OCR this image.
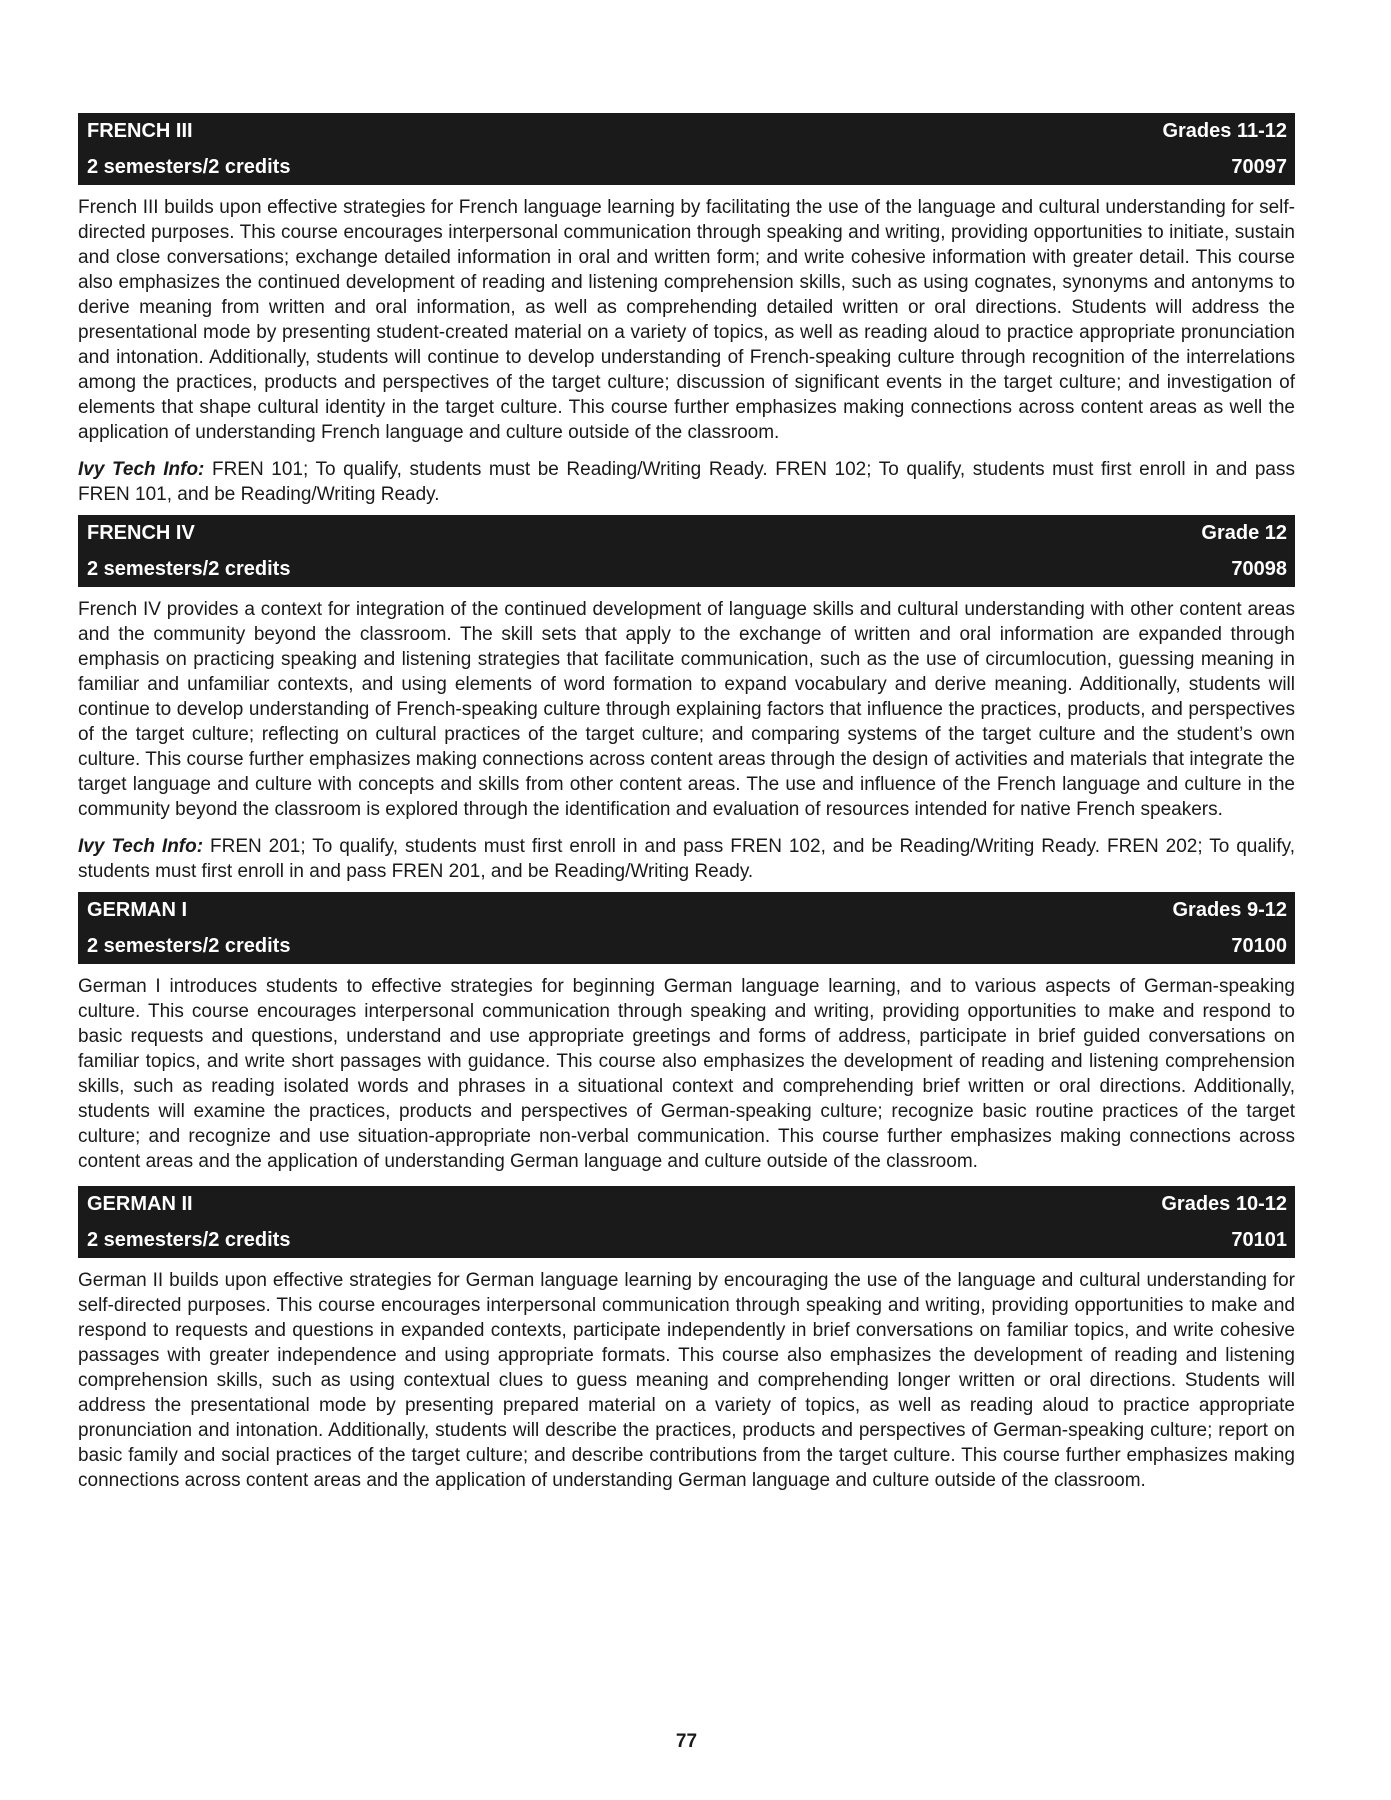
FRENCH III	Grades 11-12
2 semesters/2 credits	70097

French III builds upon effective strategies for French language learning by facilitating the use of the language and cultural understanding for self-directed purposes. This course encourages interpersonal communication through speaking and writing, providing opportunities to initiate, sustain and close conversations; exchange detailed information in oral and written form; and write cohesive information with greater detail. This course also emphasizes the continued development of reading and listening comprehension skills, such as using cognates, synonyms and antonyms to derive meaning from written and oral information, as well as comprehending detailed written or oral directions. Students will address the presentational mode by presenting student-created material on a variety of topics, as well as reading aloud to practice appropriate pronunciation and intonation. Additionally, students will continue to develop understanding of French-speaking culture through recognition of the interrelations among the practices, products and perspectives of the target culture; discussion of significant events in the target culture; and investigation of elements that shape cultural identity in the target culture. This course further emphasizes making connections across content areas as well the application of understanding French language and culture outside of the classroom.

Ivy Tech Info: FREN 101; To qualify, students must be Reading/Writing Ready. FREN 102; To qualify, students must first enroll in and pass FREN 101, and be Reading/Writing Ready.

FRENCH IV	Grade 12
2 semesters/2 credits	70098

French IV provides a context for integration of the continued development of language skills and cultural understanding with other content areas and the community beyond the classroom. The skill sets that apply to the exchange of written and oral information are expanded through emphasis on practicing speaking and listening strategies that facilitate communication, such as the use of circumlocution, guessing meaning in familiar and unfamiliar contexts, and using elements of word formation to expand vocabulary and derive meaning. Additionally, students will continue to develop understanding of French-speaking culture through explaining factors that influence the practices, products, and perspectives of the target culture; reflecting on cultural practices of the target culture; and comparing systems of the target culture and the student’s own culture. This course further emphasizes making connections across content areas through the design of activities and materials that integrate the target language and culture with concepts and skills from other content areas. The use and influence of the French language and culture in the community beyond the classroom is explored through the identification and evaluation of resources intended for native French speakers.

Ivy Tech Info: FREN 201; To qualify, students must first enroll in and pass FREN 102, and be Reading/Writing Ready. FREN 202; To qualify, students must first enroll in and pass FREN 201, and be Reading/Writing Ready.

GERMAN I	Grades 9-12
2 semesters/2 credits	70100

German I introduces students to effective strategies for beginning German language learning, and to various aspects of German-speaking culture. This course encourages interpersonal communication through speaking and writing, providing opportunities to make and respond to basic requests and questions, understand and use appropriate greetings and forms of address, participate in brief guided conversations on familiar topics, and write short passages with guidance. This course also emphasizes the development of reading and listening comprehension skills, such as reading isolated words and phrases in a situational context and comprehending brief written or oral directions. Additionally, students will examine the practices, products and perspectives of German-speaking culture; recognize basic routine practices of the target culture; and recognize and use situation-appropriate non-verbal communication. This course further emphasizes making connections across content areas and the application of understanding German language and culture outside of the classroom.

GERMAN II	Grades 10-12
2 semesters/2 credits	70101

German II builds upon effective strategies for German language learning by encouraging the use of the language and cultural understanding for self-directed purposes. This course encourages interpersonal communication through speaking and writing, providing opportunities to make and respond to requests and questions in expanded contexts, participate independently in brief conversations on familiar topics, and write cohesive passages with greater independence and using appropriate formats. This course also emphasizes the development of reading and listening comprehension skills, such as using contextual clues to guess meaning and comprehending longer written or oral directions. Students will address the presentational mode by presenting prepared material on a variety of topics, as well as reading aloud to practice appropriate pronunciation and intonation. Additionally, students will describe the practices, products and perspectives of German-speaking culture; report on basic family and social practices of the target culture; and describe contributions from the target culture. This course further emphasizes making connections across content areas and the application of understanding German language and culture outside of the classroom.

77
